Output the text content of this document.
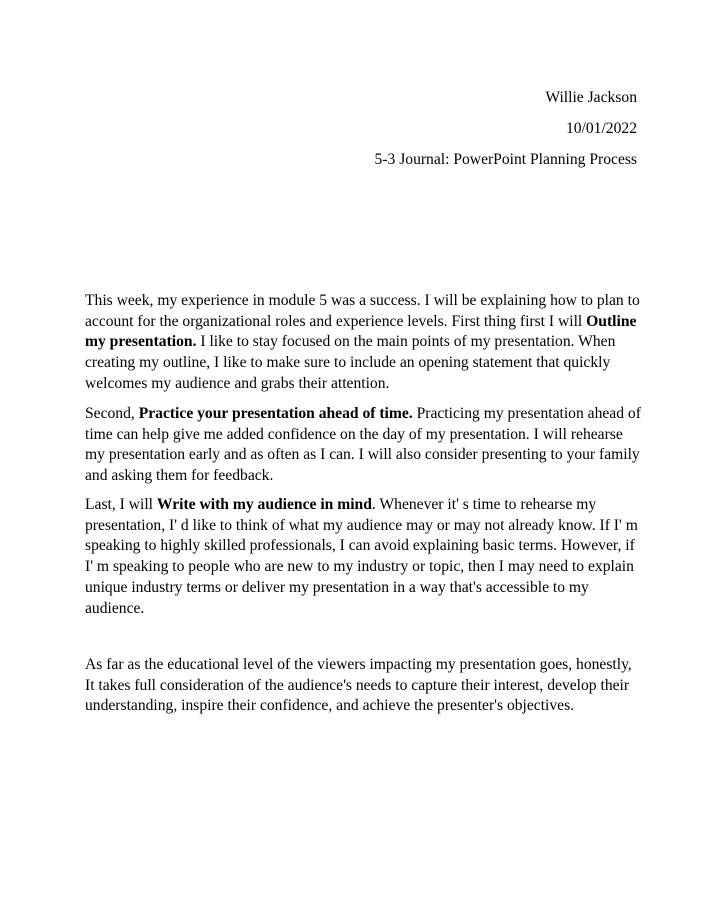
Willie Jackson
10/01/2022
5-3 Journal: PowerPoint Planning Process

This week, my experience in module 5 was a success. I will be explaining how to plan to account for the organizational roles and experience levels. First thing first I will Outline my presentation. I like to stay focused on the main points of my presentation. When creating my outline, I like to make sure to include an opening statement that quickly welcomes my audience and grabs their attention.

Second, Practice your presentation ahead of time. Practicing my presentation ahead of time can help give me added confidence on the day of my presentation. I will rehearse my presentation early and as often as I can. I will also consider presenting to your family and asking them for feedback.

Last, I will Write with my audience in mind. Whenever it' s time to rehearse my presentation, I' d like to think of what my audience may or may not already know. If I' m speaking to highly skilled professionals, I can avoid explaining basic terms. However, if I' m speaking to people who are new to my industry or topic, then I may need to explain unique industry terms or deliver my presentation in a way that's accessible to my audience.

As far as the educational level of the viewers impacting my presentation goes, honestly, It takes full consideration of the audience's needs to capture their interest, develop their understanding, inspire their confidence, and achieve the presenter's objectives.
